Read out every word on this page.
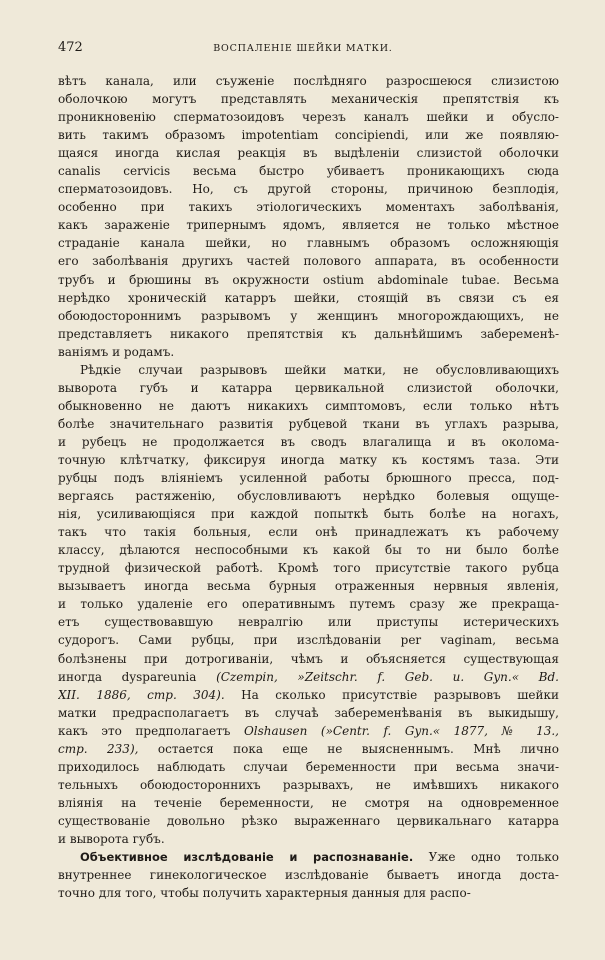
472	ВОСПАЛЕНІЕ ШЕЙКИ МАТКИ.
вѣтъ канала, или съуженіе послѣдняго разросшеюся слизистою
оболочкою могутъ представлять механическія препятствія къ
проникновенію сперматозоидовъ черезъ каналъ шейки и обусло-
вить такимъ образомъ impotentiam concipiendi, или же появляю-
щаяся иногда кислая реакція въ выдѣленіи слизистой оболочки
canalis cervicis весьма быстро убиваетъ проникающихъ сюда
сперматозоидовъ. Но, съ другой стороны, причиною безплодія,
особенно при такихъ этіологическихъ моментахъ заболѣванія,
какъ зараженіе трипернымъ ядомъ, является не только мѣстное
страданіе канала шейки, но главнымъ образомъ осложняющія
его заболѣванія другихъ частей полового аппарата, въ особенности
трубъ и брюшины въ окружности ostium abdominale tubae. Весьма
нерѣдко хроническій катарръ шейки, стоящій въ связи съ ея
обоюдостороннимъ разрывомъ у женщинъ многорождающихъ, не
представляетъ никакого препятствія къ дальнѣйшимъ забеременѣ-
ваніямъ и родамъ.
Рѣдкіе случаи разрывовъ шейки матки, не обусловливающихъ
выворота губъ и катарра цервикальной слизистой оболочки,
обыкновенно не даютъ никакихъ симптомовъ, если только нѣтъ
болѣе значительнаго развитія рубцевой ткани въ углахъ разрыва,
и рубецъ не продолжается въ сводъ влагалища и въ околома-
точную клѣтчатку, фиксируя иногда матку къ костямъ таза. Эти
рубцы подъ вліяніемъ усиленной работы брюшного пресса, под-
вергаясь растяженію, обусловливаютъ нерѣдко болевыя ощуще-
нія, усиливающіяся при каждой попыткѣ быть болѣе на ногахъ,
такъ что такія больныя, если онѣ принадлежатъ къ рабочему
классу, дѣлаются неспособными къ какой бы то ни было болѣе
трудной физической работѣ. Кромѣ того присутствіе такого рубца
вызываетъ иногда весьма бурныя отраженныя нервныя явленія,
и только удаленіе его оперативнымъ путемъ сразу же прекраща-
етъ существовавшую невралгію или приступы истерическихъ
судорогъ. Сами рубцы, при изслѣдованіи per vaginam, весьма
болѣзнены при дотрогиваніи, чѣмъ и объясняется существующая
иногда dyspareunia (Czempin, »Zeitschr. f. Geb. u. Gyn.« Bd.
XII. 1886, стр. 304). На сколько присутствіе разрывовъ шейки
матки предрасполагаетъ въ случаѣ забеременѣванія въ выкидышу,
какъ это предполагаетъ Olshausen (»Centr. f. Gyn.« 1877, № 13.,
стр. 233), остается пока еще не выясненнымъ. Мнѣ лично
приходилось наблюдать случаи беременности при весьма значи-
тельныхъ обоюдостороннихъ разрывахъ, не имѣвшихъ никакого
вліянія на теченіе беременности, не смотря на одновременное
существованіе довольно рѣзко выраженнаго цервикальнаго катарра
и выворота губъ.
Объективное изслѣдованіе и распознаваніе. Уже одно только
внутреннее гинекологическое изслѣдованіе бываетъ иногда доста-
точно для того, чтобы получить характерныя данныя для распо-
